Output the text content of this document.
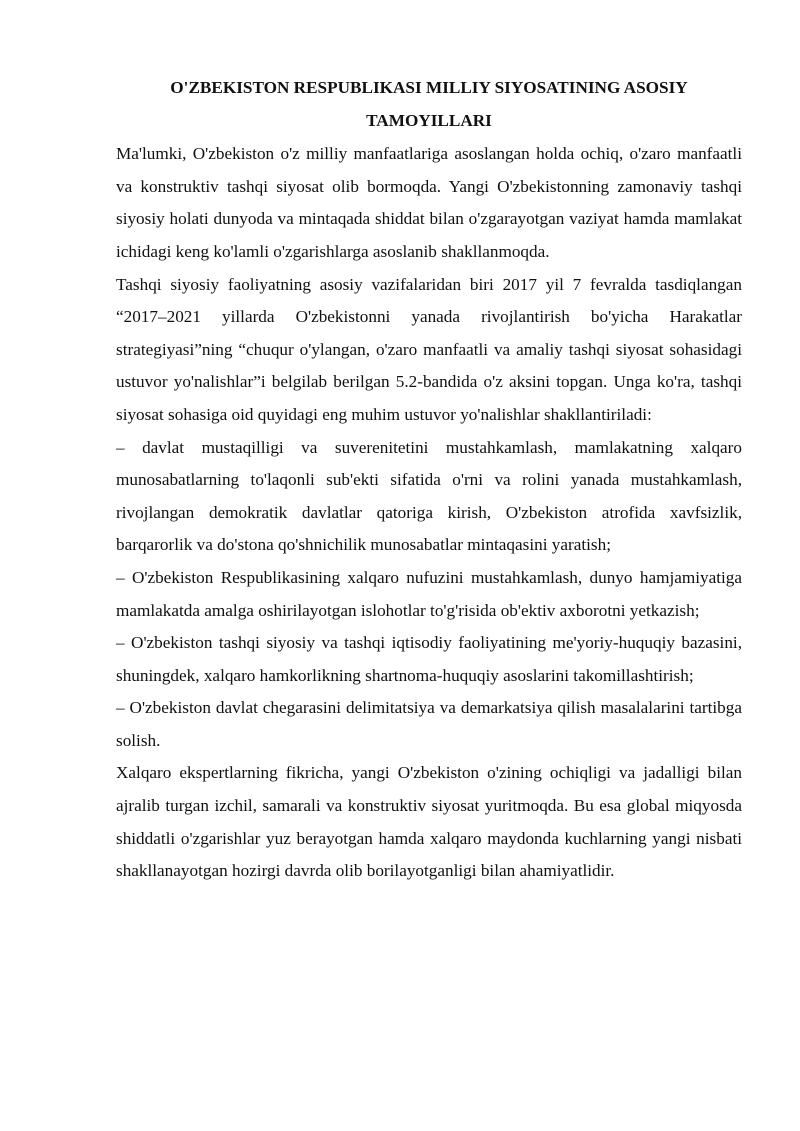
O'ZBEKISTON RESPUBLIKASI MILLIY SIYOSATINING ASOSIY
TAMOYILLARI

Ma'lumki, O'zbekiston o'z milliy manfaatlariga asoslangan holda ochiq, o'zaro manfaatli va konstruktiv tashqi siyosat olib bormoqda. Yangi O'zbekistonning zamonaviy tashqi siyosiy holati dunyoda va mintaqada shiddat bilan o'zgarayotgan vaziyat hamda mamlakat ichidagi keng ko'lamli o'zgarishlarga asoslanib shakllanmoqda.

Tashqi siyosiy faoliyatning asosiy vazifalaridan biri 2017 yil 7 fevralda tasdiqlangan “2017–2021 yillarda O'zbekistonni yanada rivojlantirish bo'yicha Harakatlar strategiyasi”ning “chuqur o'ylangan, o'zaro manfaatli va amaliy tashqi siyosat sohasidagi ustuvor yo'nalishlar”i belgilab berilgan 5.2-bandida o'z aksini topgan. Unga ko'ra, tashqi siyosat sohasiga oid quyidagi eng muhim ustuvor yo'nalishlar shakllantiriladi:

– davlat mustaqilligi va suverenitetini mustahkamlash, mamlakatning xalqaro munosabatlarning to'laqonli sub'ekti sifatida o'rni va rolini yanada mustahkamlash, rivojlangan demokratik davlatlar qatoriga kirish, O'zbekiston atrofida xavfsizlik, barqarorlik va do'stona qo'shnichilik munosabatlar mintaqasini yaratish;

– O'zbekiston Respublikasining xalqaro nufuzini mustahkamlash, dunyo hamjamiyatiga mamlakatda amalga oshirilayotgan islohotlar to'g'risida ob'ektiv axborotni yetkazish;

– O'zbekiston tashqi siyosiy va tashqi iqtisodiy faoliyatining me'yoriy-huquqiy bazasini, shuningdek, xalqaro hamkorlikning shartnoma-huquqiy asoslarini takomillashtirish;

– O'zbekiston davlat chegarasini delimitatsiya va demarkatsiya qilish masalalarini tartibga solish.

Xalqaro ekspertlarning fikricha, yangi O'zbekiston o'zining ochiqligi va jadalligi bilan ajralib turgan izchil, samarali va konstruktiv siyosat yuritmoqda. Bu esa global miqyosda shiddatli o'zgarishlar yuz berayotgan hamda xalqaro maydonda kuchlarning yangi nisbati shakllanayotgan hozirgi davrda olib borilayotganligi bilan ahamiyatlidir.
